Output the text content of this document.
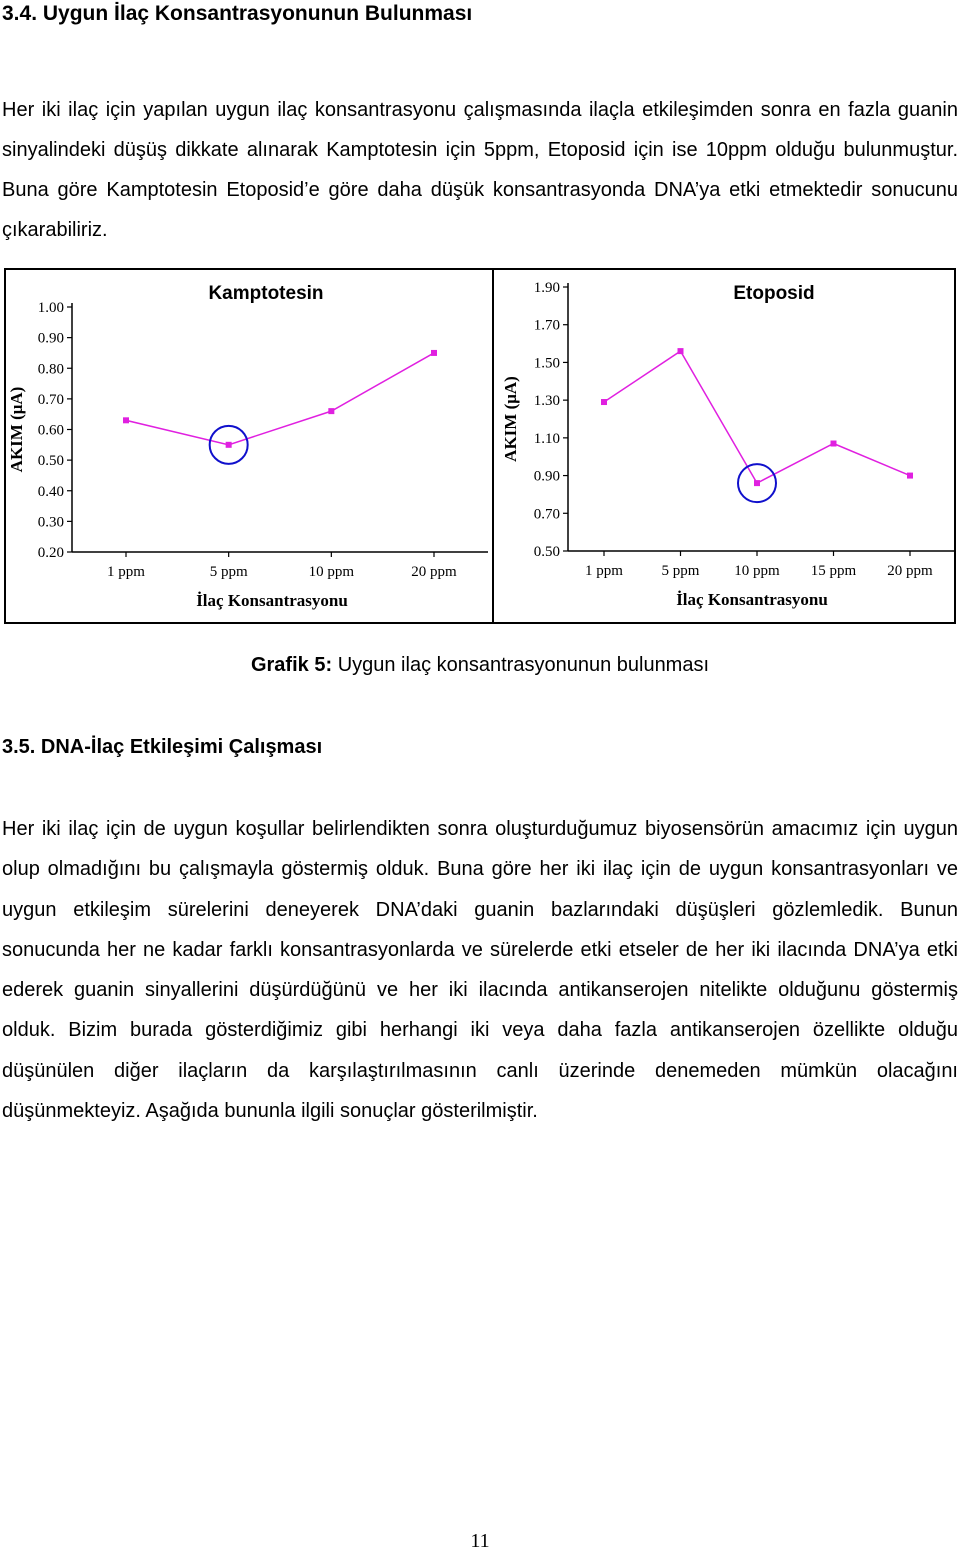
3.4. Uygun İlaç Konsantrasyonunun Bulunması
Her iki ilaç için yapılan uygun ilaç konsantrasyonu çalışmasında ilaçla etkileşimden sonra en fazla guanin sinyalindeki düşüş dikkate alınarak Kamptotesin için 5ppm, Etoposid için ise 10ppm olduğu bulunmuştur. Buna göre Kamptotesin Etoposid’e göre daha düşük konsantrasyonda DNA’ya etki etmektedir sonucunu çıkarabiliriz.
Kamptotesin
AKIM (μA)
1.00
0.90
0.80
0.70
0.60
0.50
0.40
0.30
0.20
1 ppm	5 ppm	10 ppm	20 ppm
İlaç Konsantrasyonu
Etoposid
AKIM (μA)
1.90
1.70
1.50
1.30
1.10
0.90
0.70
0.50
1 ppm	5 ppm 10 ppm 15 ppm 20 ppm
İlaç Konsantrasyonu
Grafik 5: Uygun ilaç konsantrasyonunun bulunması
3.5. DNA-İlaç Etkileşimi Çalışması
Her iki ilaç için de uygun koşullar belirlendikten sonra oluşturduğumuz biyosensörün amacımız için uygun olup olmadığını bu çalışmayla göstermiş olduk. Buna göre her iki ilaç için de uygun konsantrasyonları ve uygun etkileşim sürelerini deneyerek DNA’daki guanin bazlarındaki düşüşleri gözlemledik. Bunun sonucunda her ne kadar farklı konsantrasyonlarda ve sürelerde etki etseler de her iki ilacında DNA’ya etki ederek guanin sinyallerini düşürdüğünü ve her iki ilacında antikanserojen nitelikte olduğunu göstermiş olduk. Bizim burada gösterdiğimiz gibi herhangi iki veya daha fazla antikanserojen özellikte olduğu düşünülen diğer ilaçların da karşılaştırılmasının canlı üzerinde denemeden mümkün olacağını düşünmekteyiz. Aşağıda bununla ilgili sonuçlar gösterilmiştir.
11
